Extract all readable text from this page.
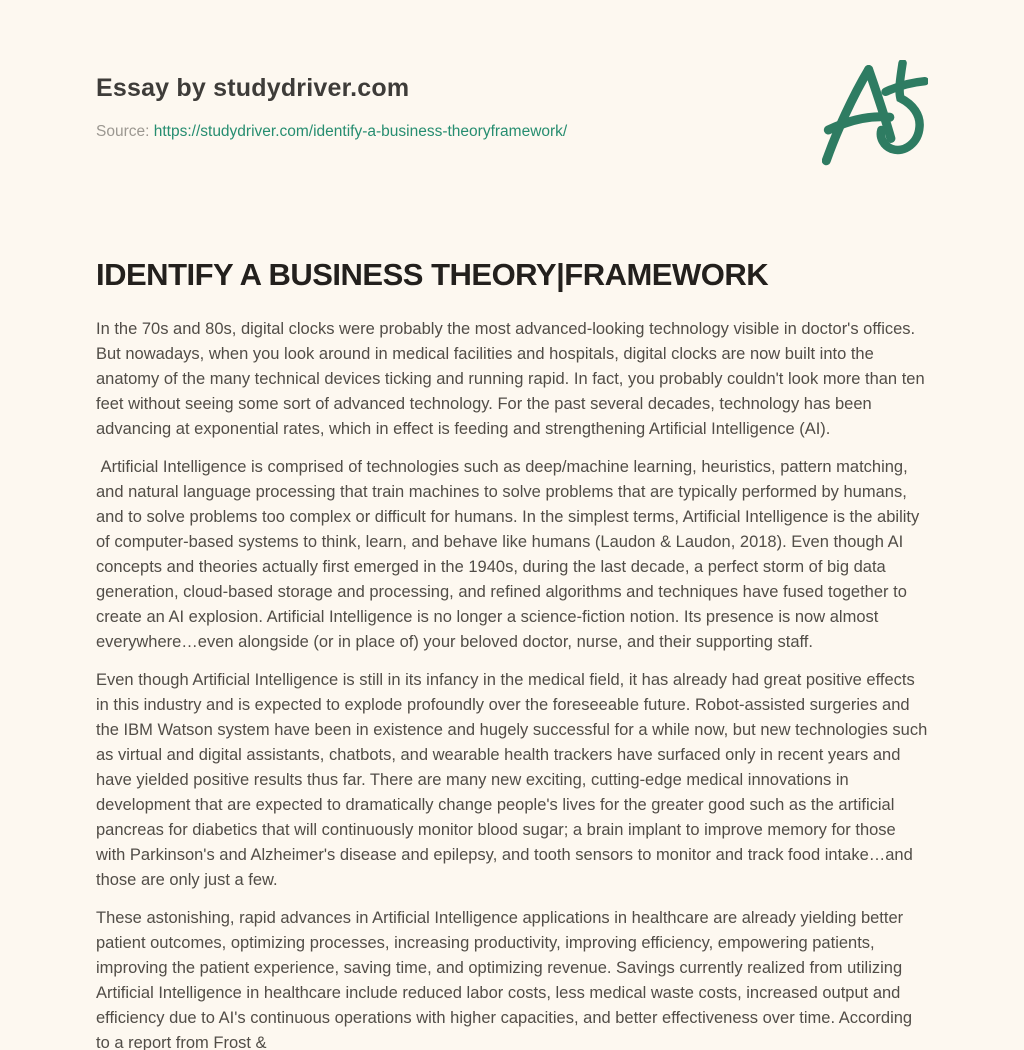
Essay by studydriver.com
Source: https://studydriver.com/identify-a-business-theoryframework/
IDENTIFY A BUSINESS THEORY|FRAMEWORK

In the 70s and 80s, digital clocks were probably the most advanced-looking technology visible in doctor's offices. But nowadays, when you look around in medical facilities and hospitals, digital clocks are now built into the anatomy of the many technical devices ticking and running rapid. In fact, you probably couldn't look more than ten feet without seeing some sort of advanced technology. For the past several decades, technology has been advancing at exponential rates, which in effect is feeding and strengthening Artificial Intelligence (AI).

Artificial Intelligence is comprised of technologies such as deep/machine learning, heuristics, pattern matching, and natural language processing that train machines to solve problems that are typically performed by humans, and to solve problems too complex or difficult for humans. In the simplest terms, Artificial Intelligence is the ability of computer-based systems to think, learn, and behave like humans (Laudon & Laudon, 2018). Even though AI concepts and theories actually first emerged in the 1940s, during the last decade, a perfect storm of big data generation, cloud-based storage and processing, and refined algorithms and techniques have fused together to create an AI explosion. Artificial Intelligence is no longer a science-fiction notion. Its presence is now almost everywhere…even alongside (or in place of) your beloved doctor, nurse, and their supporting staff.

Even though Artificial Intelligence is still in its infancy in the medical field, it has already had great positive effects in this industry and is expected to explode profoundly over the foreseeable future. Robot-assisted surgeries and the IBM Watson system have been in existence and hugely successful for a while now, but new technologies such as virtual and digital assistants, chatbots, and wearable health trackers have surfaced only in recent years and have yielded positive results thus far. There are many new exciting, cutting-edge medical innovations in development that are expected to dramatically change people's lives for the greater good such as the artificial pancreas for diabetics that will continuously monitor blood sugar; a brain implant to improve memory for those with Parkinson's and Alzheimer's disease and epilepsy, and tooth sensors to monitor and track food intake…and those are only just a few.

These astonishing, rapid advances in Artificial Intelligence applications in healthcare are already yielding better patient outcomes, optimizing processes, increasing productivity, improving efficiency, empowering patients, improving the patient experience, saving time, and optimizing revenue. Savings currently realized from utilizing Artificial Intelligence in healthcare include reduced labor costs, less medical waste costs, increased output and efficiency due to AI's continuous operations with higher capacities, and better effectiveness over time. According to a report from Frost &
